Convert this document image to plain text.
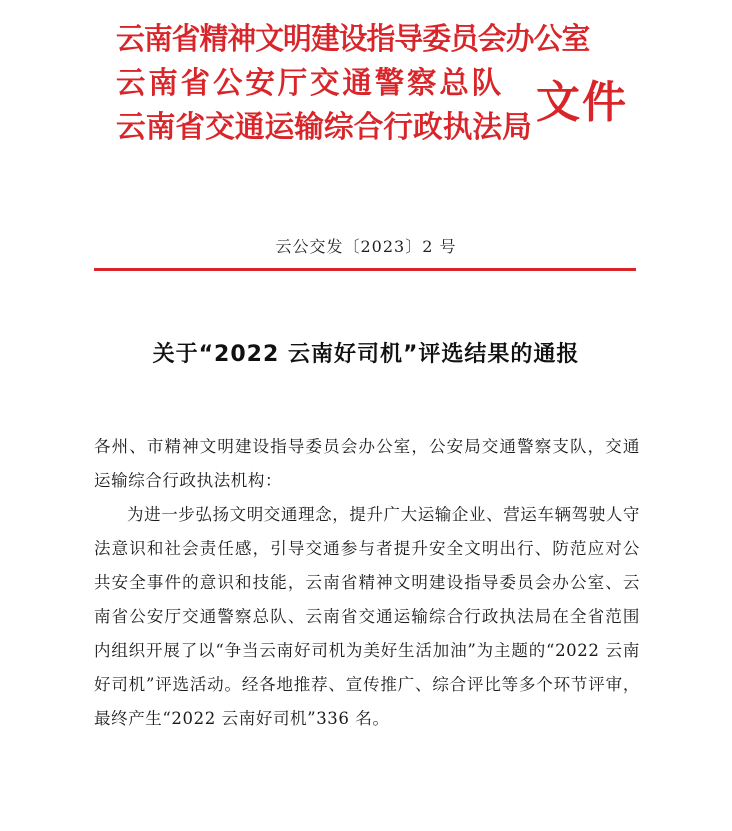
云南省精神文明建设指导委员会办公室
云南省公安厅交通警察总队
云南省交通运输综合行政执法局 文件
云公交发〔2023〕2 号
关于“2022 云南好司机”评选结果的通报

各州、市精神文明建设指导委员会办公室，公安局交通警察支队，交通运输综合行政执法机构：

为进一步弘扬文明交通理念，提升广大运输企业、营运车辆驾驶人守法意识和社会责任感，引导交通参与者提升安全文明出行、防范应对公共安全事件的意识和技能，云南省精神文明建设指导委员会办公室、云南省公安厅交通警察总队、云南省交通运输综合行政执法局在全省范围内组织开展了以“争当云南好司机为美好生活加油”为主题的“2022 云南好司机”评选活动。经各地推荐、宣传推广、综合评比等多个环节评审，最终产生“2022 云南好司机”336 名。
